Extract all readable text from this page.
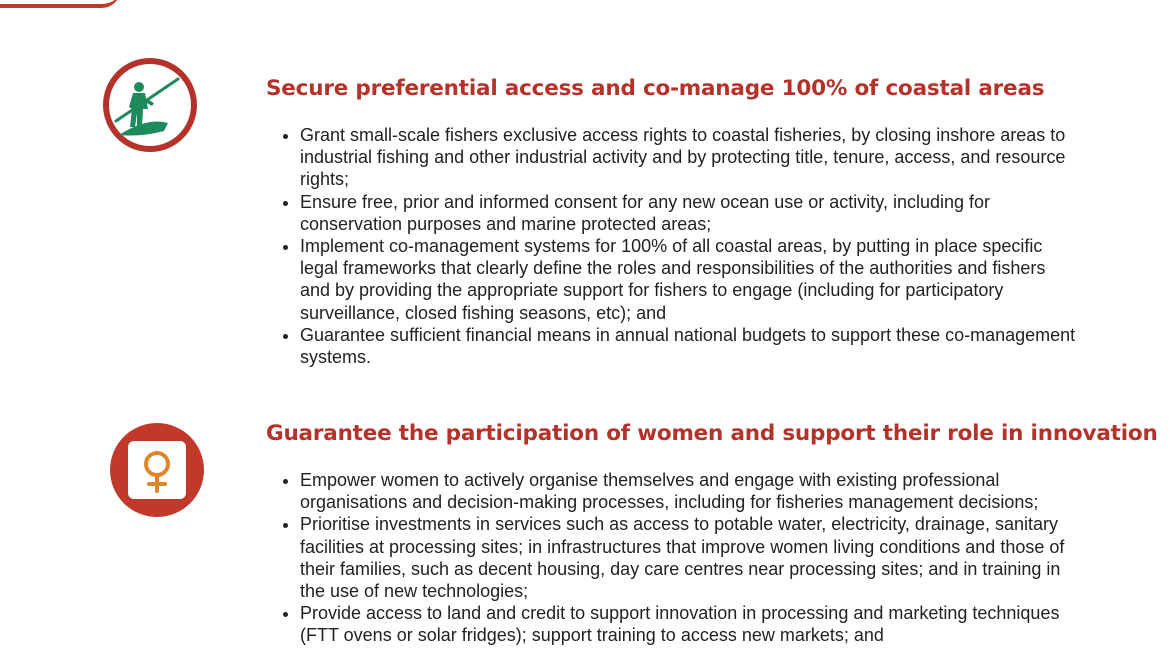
Secure preferential access and co-manage 100% of coastal areas
• Grant small-scale fishers exclusive access rights to coastal fisheries, by closing inshore areas to industrial fishing and other industrial activity and by protecting title, tenure, access, and resource rights;
• Ensure free, prior and informed consent for any new ocean use or activity, including for conservation purposes and marine protected areas;
• Implement co-management systems for 100% of all coastal areas, by putting in place specific legal frameworks that clearly define the roles and responsibilities of the authorities and fishers and by providing the appropriate support for fishers to engage (including for participatory surveillance, closed fishing seasons, etc); and
• Guarantee sufficient financial means in annual national budgets to support these co-management systems.
Guarantee the participation of women and support their role in innovation
• Empower women to actively organise themselves and engage with existing professional organisations and decision-making processes, including for fisheries management decisions;
• Prioritise investments in services such as access to potable water, electricity, drainage, sanitary facilities at processing sites; in infrastructures that improve women living conditions and those of their families, such as decent housing, day care centres near processing sites; and in training in the use of new technologies;
• Provide access to land and credit to support innovation in processing and marketing techniques (FTT ovens or solar fridges); support training to access new markets; and
